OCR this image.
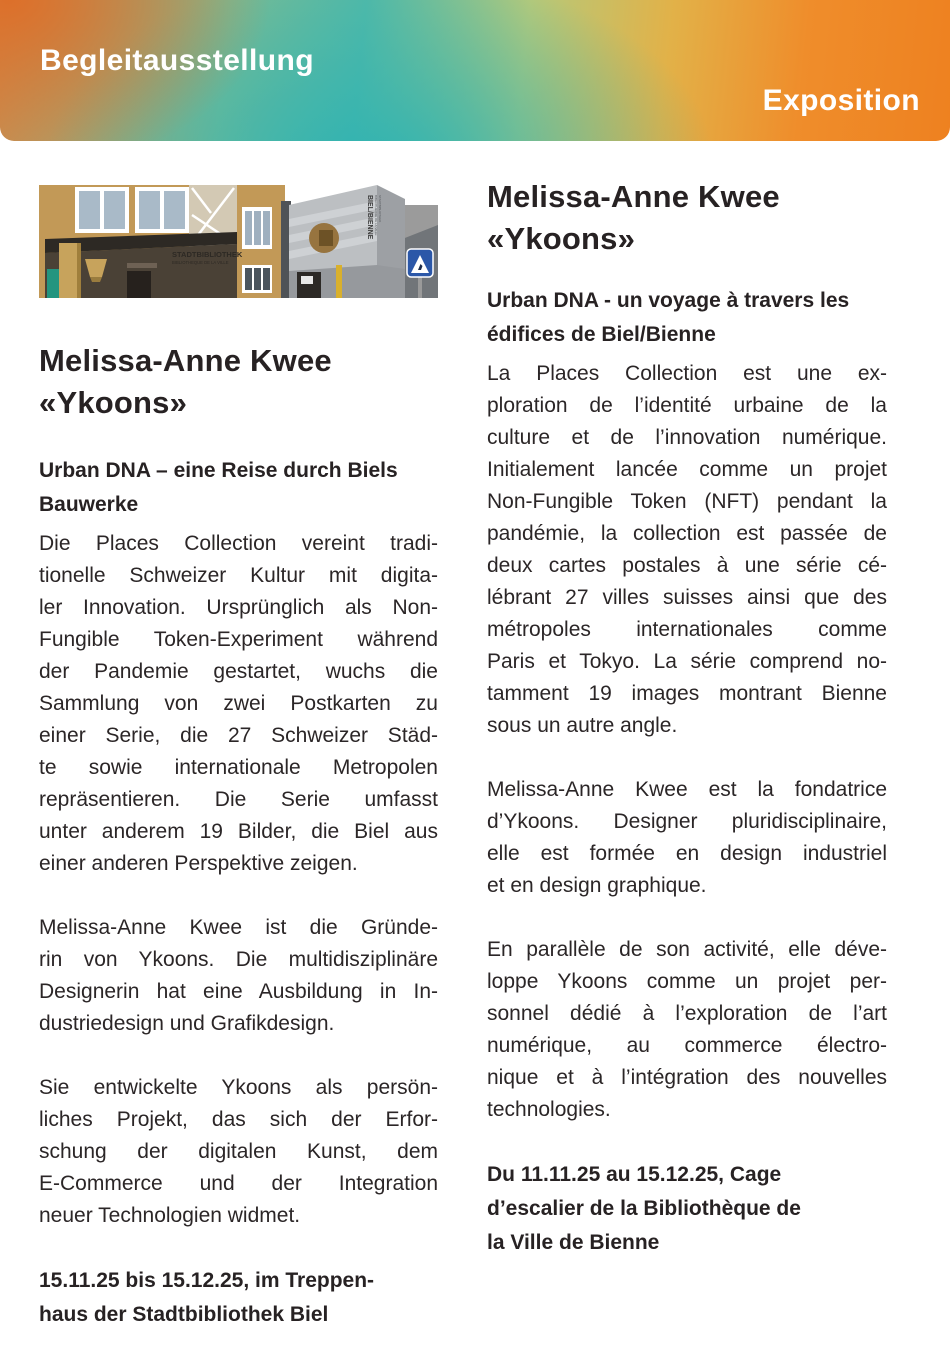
Begleitausstellung
Exposition
STADTBIBLIOTHEK
BIBLIOTHEQUE DE LA VILLE
BIEL/BIENNE BIBLIOTHEQUE DE LA VILLE STADTBIBLIOTHEK
Melissa-Anne Kwee
«Ykoons»
Urban DNA – eine Reise durch Biels
Bauwerke
Die Places Collection vereint tradi-
tionelle Schweizer Kultur mit digita-
ler Innovation. Ursprünglich als Non-
Fungible Token-Experiment während
der Pandemie gestartet, wuchs die
Sammlung von zwei Postkarten zu
einer Serie, die 27 Schweizer Städ-
te sowie internationale Metropolen
repräsentieren. Die Serie umfasst
unter anderem 19 Bilder, die Biel aus
einer anderen Perspektive zeigen.
Melissa-Anne Kwee ist die Gründe-
rin von Ykoons. Die multidisziplinäre
Designerin hat eine Ausbildung in In-
dustriedesign und Grafikdesign.
Sie entwickelte Ykoons als persön-
liches Projekt, das sich der Erfor-
schung der digitalen Kunst, dem
E-Commerce und der Integration
neuer Technologien widmet.
15.11.25 bis 15.12.25, im Treppen-
haus der Stadtbibliothek Biel
Melissa-Anne Kwee
«Ykoons»
Urban DNA - un voyage à travers les
édifices de Biel/Bienne
La Places Collection est une ex-
ploration de l’identité urbaine de la
culture et de l’innovation numérique.
Initialement lancée comme un projet
Non-Fungible Token (NFT) pendant la
pandémie, la collection est passée de
deux cartes postales à une série cé-
lébrant 27 villes suisses ainsi que des
métropoles internationales comme
Paris et Tokyo. La série comprend no-
tamment 19 images montrant Bienne
sous un autre angle.
Melissa-Anne Kwee est la fondatrice
d’Ykoons. Designer pluridisciplinaire,
elle est formée en design industriel
et en design graphique.
En parallèle de son activité, elle déve-
loppe Ykoons comme un projet per-
sonnel dédié à l’exploration de l’art
numérique, au commerce électro-
nique et à l’intégration des nouvelles
technologies.
Du 11.11.25 au 15.12.25, Cage
d’escalier de la Bibliothèque de
la Ville de Bienne
